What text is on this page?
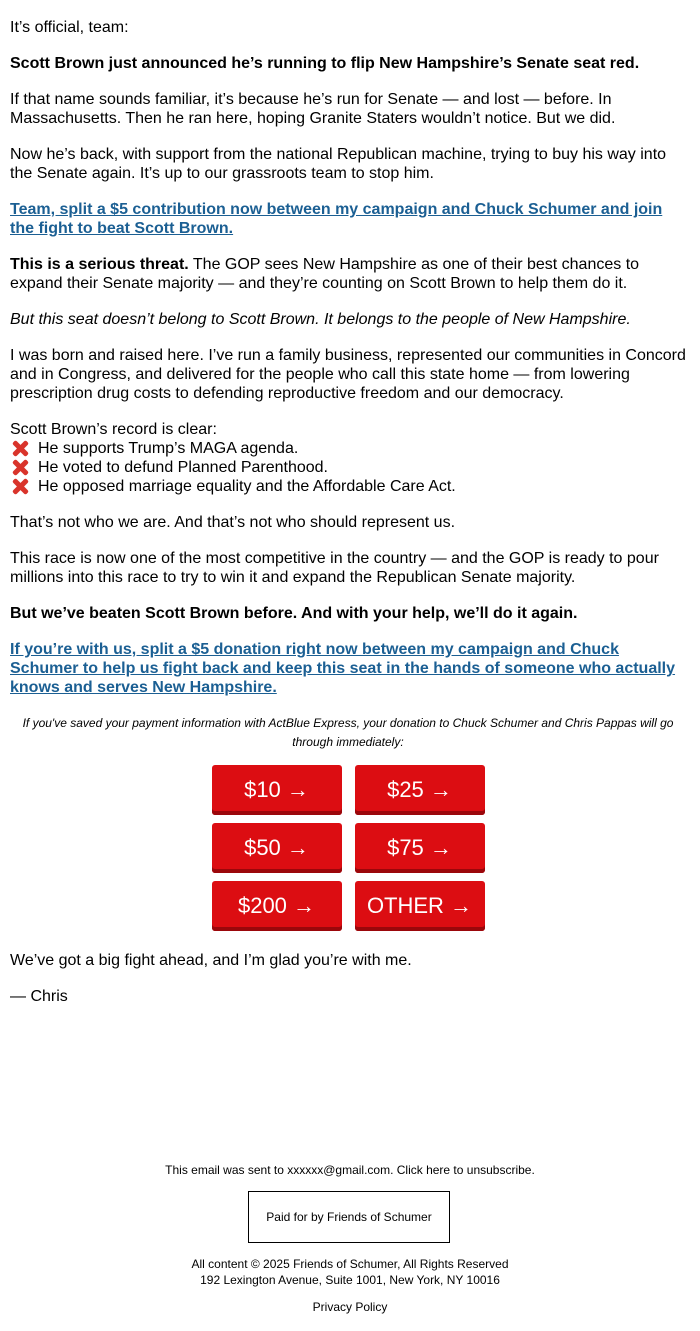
It’s official, team:

Scott Brown just announced he’s running to flip New Hampshire’s Senate seat red.

If that name sounds familiar, it’s because he’s run for Senate — and lost — before. In Massachusetts. Then he ran here, hoping Granite Staters wouldn’t notice. But we did.

Now he’s back, with support from the national Republican machine, trying to buy his way into the Senate again. It’s up to our grassroots team to stop him.

Team, split a $5 contribution now between my campaign and Chuck Schumer and join the fight to beat Scott Brown.

This is a serious threat. The GOP sees New Hampshire as one of their best chances to expand their Senate majority — and they’re counting on Scott Brown to help them do it.

But this seat doesn’t belong to Scott Brown. It belongs to the people of New Hampshire.

I was born and raised here. I’ve run a family business, represented our communities in Concord and in Congress, and delivered for the people who call this state home — from lowering prescription drug costs to defending reproductive freedom and our democracy.

Scott Brown’s record is clear:

He supports Trump’s MAGA agenda.
He voted to defund Planned Parenthood.
He opposed marriage equality and the Affordable Care Act.

That’s not who we are. And that’s not who should represent us.

This race is now one of the most competitive in the country — and the GOP is ready to pour millions into this race to try to win it and expand the Republican Senate majority.

But we’ve beaten Scott Brown before. And with your help, we’ll do it again.

If you’re with us, split a $5 donation right now between my campaign and Chuck Schumer to help us fight back and keep this seat in the hands of someone who actually knows and serves New Hampshire.

If you've saved your payment information with ActBlue Express, your donation to Chuck Schumer and Chris Pappas will go through immediately:

$10 →	$25 →
$50 →	$75 →
$200 →	OTHER →

We’ve got a big fight ahead, and I’m glad you’re with me.

— Chris

This email was sent to xxxxxx@gmail.com. Click here to unsubscribe.
Paid for by Friends of Schumer
All content © 2025 Friends of Schumer, All Rights Reserved
192 Lexington Avenue, Suite 1001, New York, NY 10016
Privacy Policy
